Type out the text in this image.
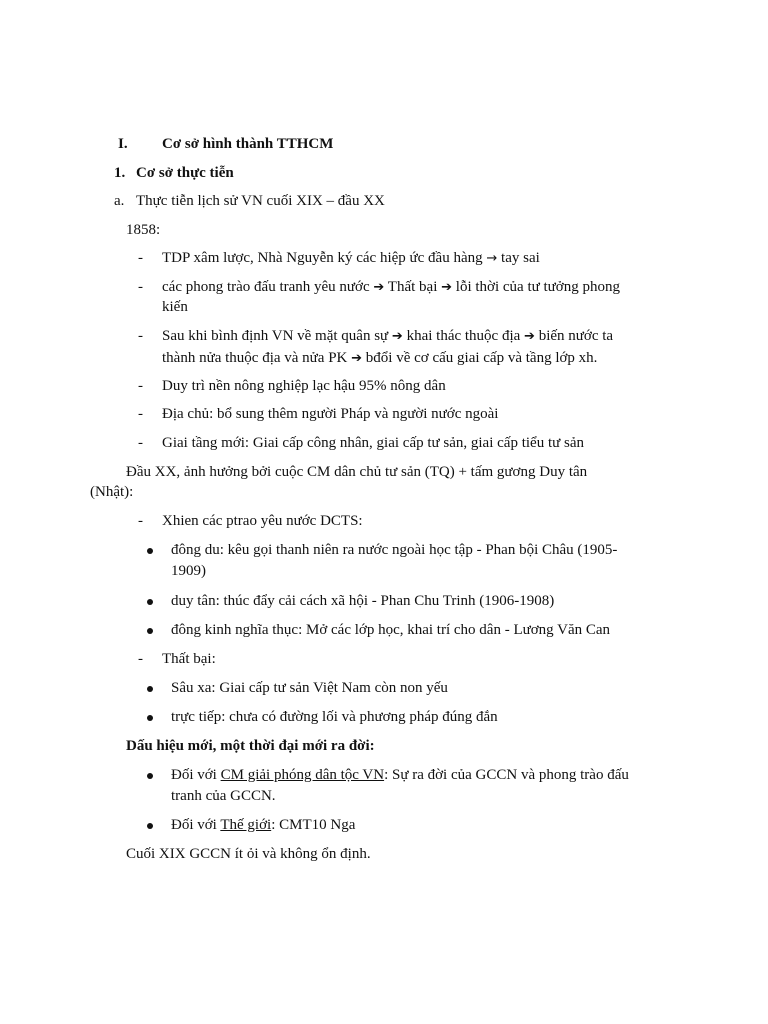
I. Cơ sở hình thành TTHCM
1. Cơ sở thực tiễn
a. Thực tiễn lịch sử VN cuối XIX – đầu XX
1858:
- TDP xâm lược, Nhà Nguyễn ký các hiệp ức đầu hàng → tay sai
- các phong trào đấu tranh yêu nước ➔ Thất bại ➔ lỗi thời của tư tưởng phong
kiến
- Sau khi bình định VN về mặt quân sự ➔ khai thác thuộc địa ➔ biến nước ta
thành nửa thuộc địa và nửa PK ➔ bđổi về cơ cấu giai cấp và tầng lớp xh.
- Duy trì nền nông nghiệp lạc hậu 95% nông dân
- Địa chủ: bổ sung thêm người Pháp và người nước ngoài
- Giai tầng mới: Giai cấp công nhân, giai cấp tư sản, giai cấp tiểu tư sản
Đầu XX, ảnh hưởng bởi cuộc CM dân chủ tư sản (TQ) + tấm gương Duy tân
(Nhật):
- Xhien các ptrao yêu nước DCTS:
đông du: kêu gọi thanh niên ra nước ngoài học tập - Phan bội Châu (1905-
1909)
duy tân: thúc đẩy cải cách xã hội - Phan Chu Trinh (1906-1908)
đông kinh nghĩa thục: Mở các lớp học, khai trí cho dân - Lương Văn Can
- Thất bại:
Sâu xa: Giai cấp tư sản Việt Nam còn non yếu
trực tiếp: chưa có đường lối và phương pháp đúng đắn
Dấu hiệu mới, một thời đại mới ra đời:
Đối với CM giải phóng dân tộc VN: Sự ra đời của GCCN và phong trào đấu
tranh của GCCN.
Đối với Thế giới: CMT10 Nga
Cuối XIX GCCN ít ỏi và không ổn định.
